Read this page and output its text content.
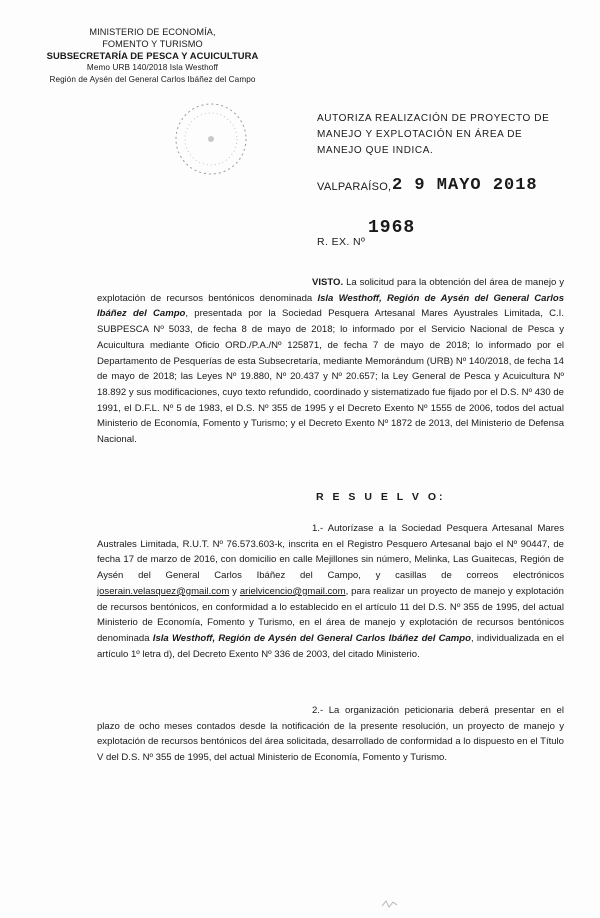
MINISTERIO DE ECONOMÍA,
FOMENTO Y TURISMO
SUBSECRETARÍA DE PESCA Y ACUICULTURA
Memo URB 140/2018 Isla Westhoff
Región de Aysén del General Carlos Ibáñez del Campo
AUTORIZA REALIZACIÓN DE PROYECTO DE MANEJO Y EXPLOTACIÓN EN ÁREA DE MANEJO QUE INDICA.
VALPARAÍSO, 2 9 MAYO 2018
R. EX. Nº
1968
VISTO. La solicitud para la obtención del área de manejo y explotación de recursos bentónicos denominada Isla Westhoff, Región de Aysén del General Carlos Ibáñez del Campo, presentada por la Sociedad Pesquera Artesanal Mares Ayustrales Limitada, C.I. SUBPESCA Nº 5033, de fecha 8 de mayo de 2018; lo informado por el Servicio Nacional de Pesca y Acuicultura mediante Oficio ORD./P.A./Nº 125871, de fecha 7 de mayo de 2018; lo informado por el Departamento de Pesquerías de esta Subsecretaría, mediante Memorándum (URB) Nº 140/2018, de fecha 14 de mayo de 2018; las Leyes Nº 19.880, Nº 20.437 y Nº 20.657; la Ley General de Pesca y Acuicultura Nº 18.892 y sus modificaciones, cuyo texto refundido, coordinado y sistematizado fue fijado por el D.S. Nº 430 de 1991, el D.F.L. Nº 5 de 1983, el D.S. Nº 355 de 1995 y el Decreto Exento Nº 1555 de 2006, todos del actual Ministerio de Economía, Fomento y Turismo; y el Decreto Exento Nº 1872 de 2013, del Ministerio de Defensa Nacional.
R E S U E L V O:
1.- Autorízase a la Sociedad Pesquera Artesanal Mares Australes Limitada, R.U.T. Nº 76.573.603-k, inscrita en el Registro Pesquero Artesanal bajo el Nº 90447, de fecha 17 de marzo de 2016, con domicilio en calle Mejillones sin número, Melinka, Las Guaitecas, Región de Aysén del General Carlos Ibáñez del Campo, y casillas de correos electrónicos joserain.velasquez@gmail.com y arielvicencio@gmail.com, para realizar un proyecto de manejo y explotación de recursos bentónicos, en conformidad a lo establecido en el artículo 11 del D.S. Nº 355 de 1995, del actual Ministerio de Economía, Fomento y Turismo, en el área de manejo y explotación de recursos bentónicos denominada Isla Westhoff, Región de Aysén del General Carlos Ibáñez del Campo, individualizada en el artículo 1º letra d), del Decreto Exento Nº 336 de 2003, del citado Ministerio.
2.- La organización peticionaria deberá presentar en el plazo de ocho meses contados desde la notificación de la presente resolución, un proyecto de manejo y explotación de recursos bentónicos del área solicitada, desarrollado de conformidad a lo dispuesto en el Título V del D.S. Nº 355 de 1995, del actual Ministerio de Economía, Fomento y Turismo.
